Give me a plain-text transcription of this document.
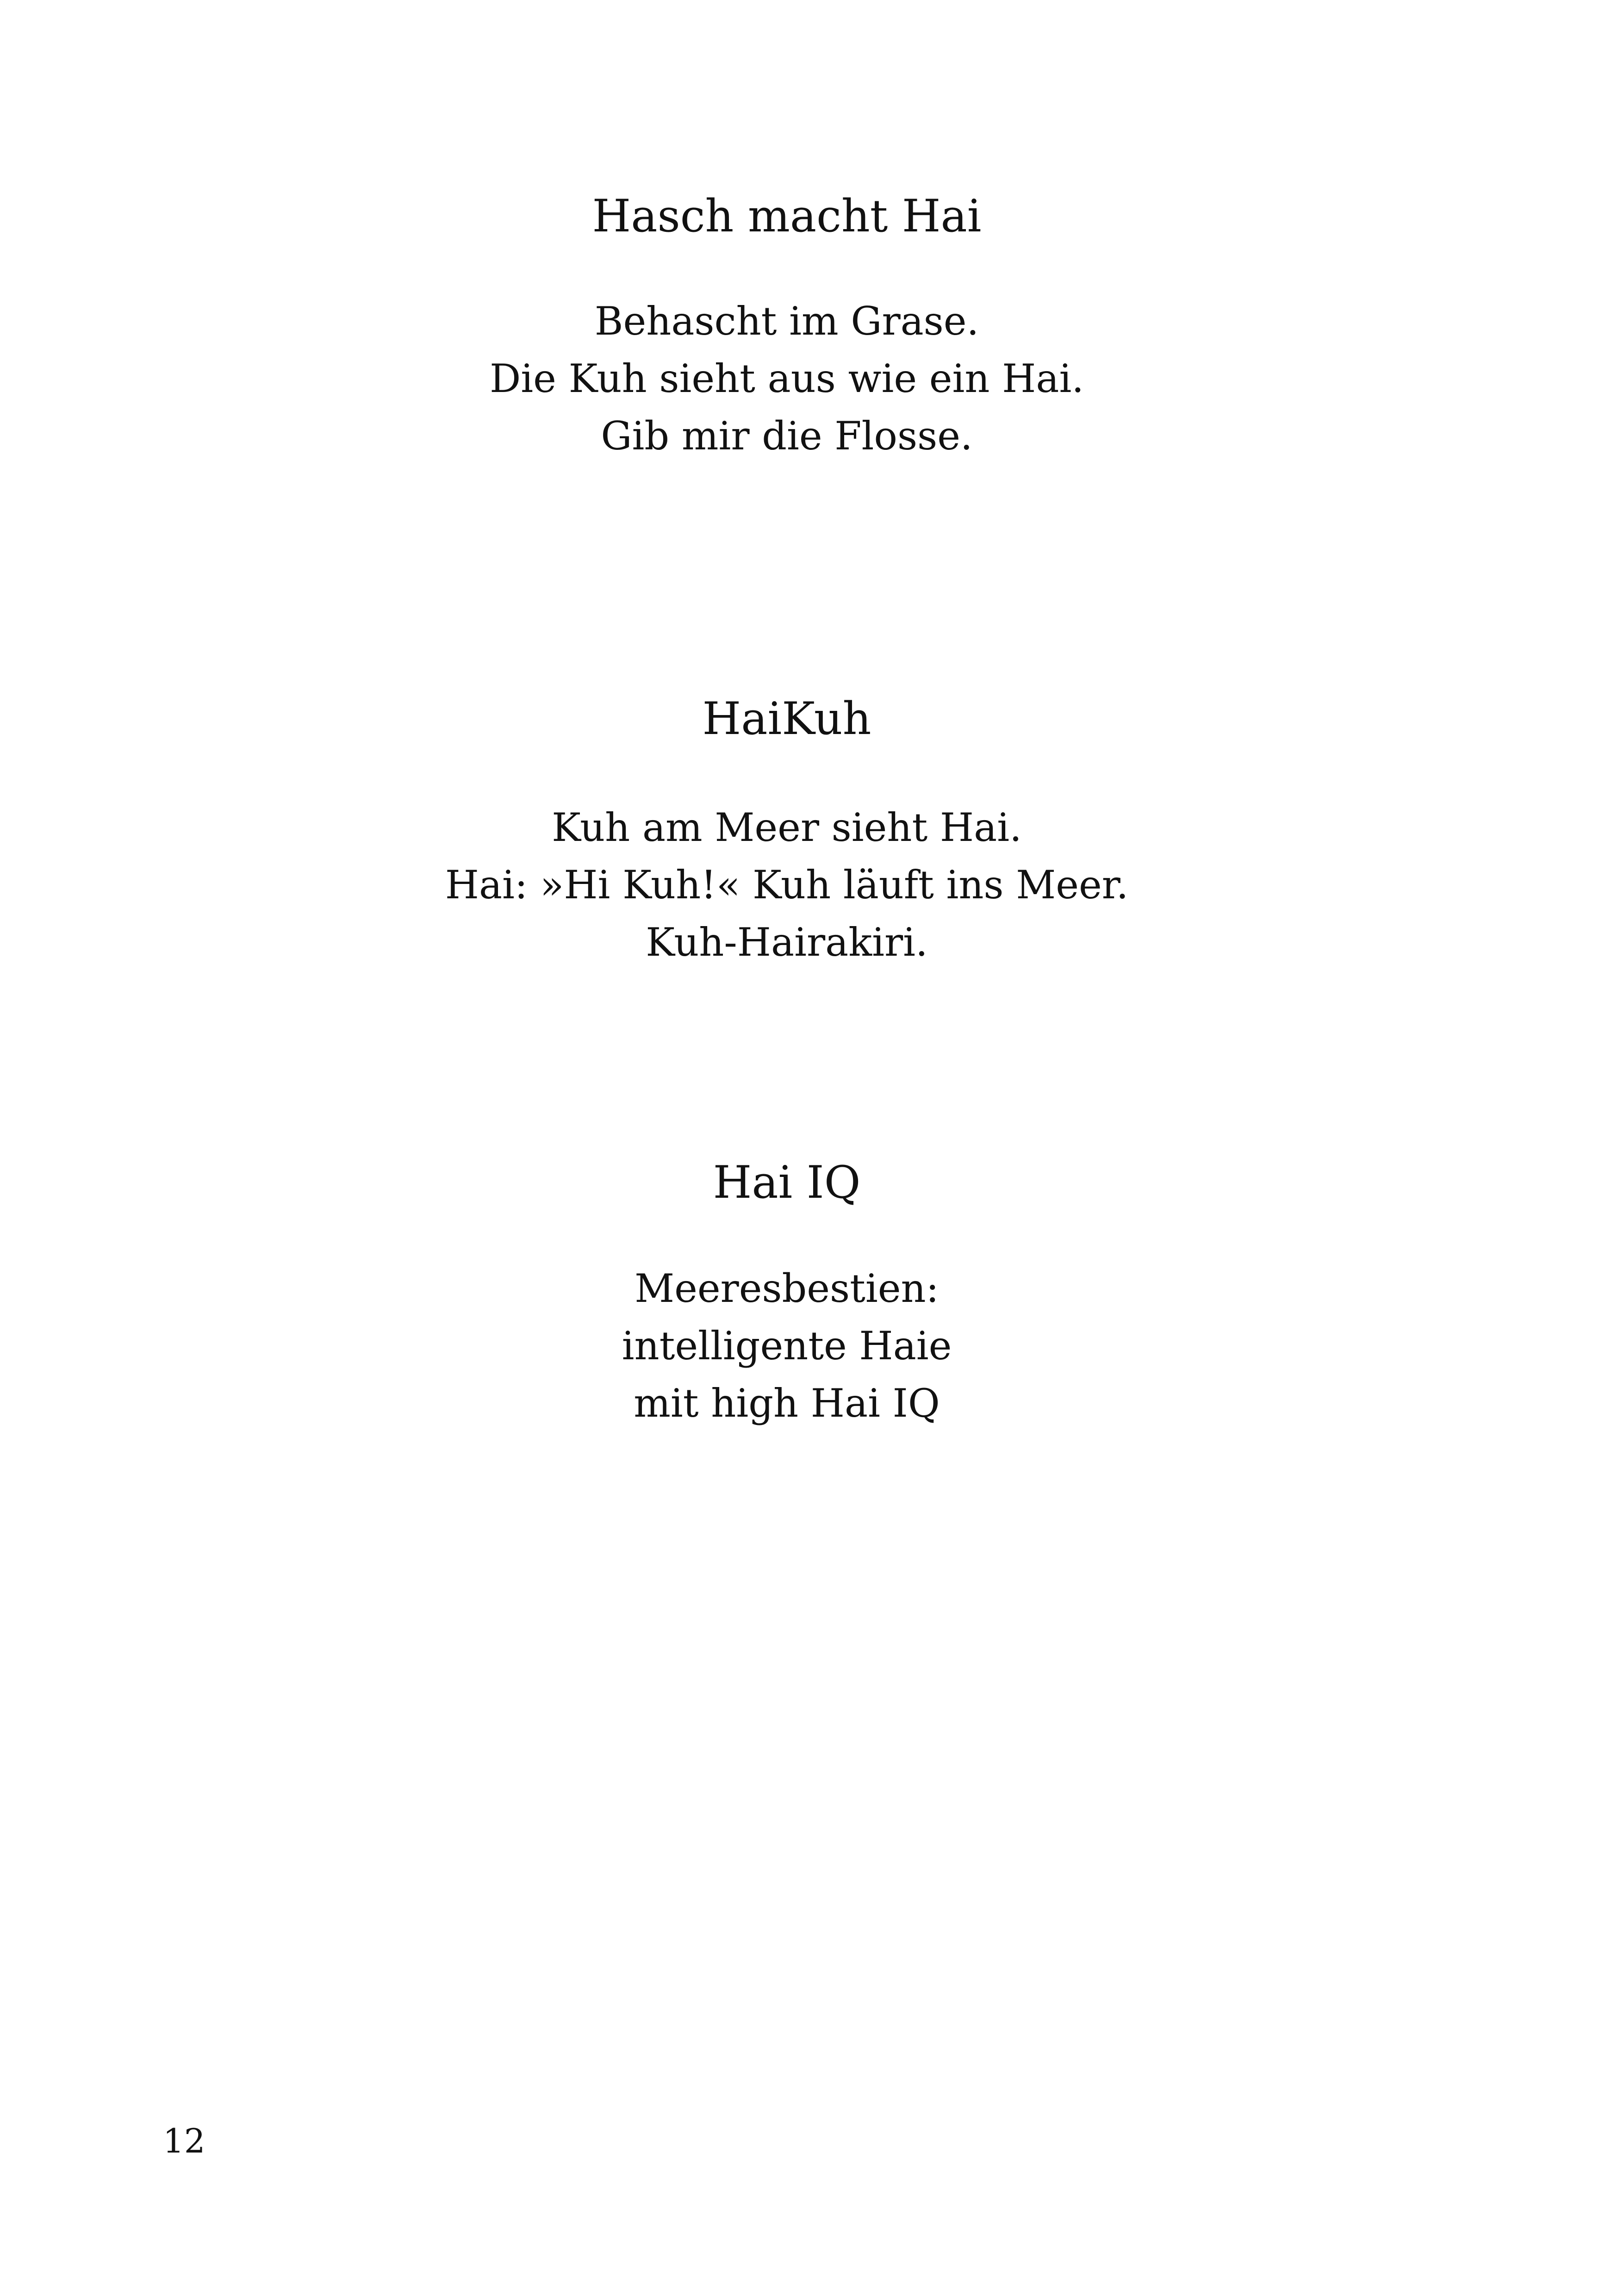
Hasch macht Hai
Behascht im Grase.
Die Kuh sieht aus wie ein Hai.
Gib mir die Flosse.
HaiKuh
Kuh am Meer sieht Hai.
Hai: »Hi Kuh!« Kuh läuft ins Meer.
Kuh-Hairakiri.
Hai IQ
Meeresbestien:
intelligente Haie
mit high Hai IQ
12
